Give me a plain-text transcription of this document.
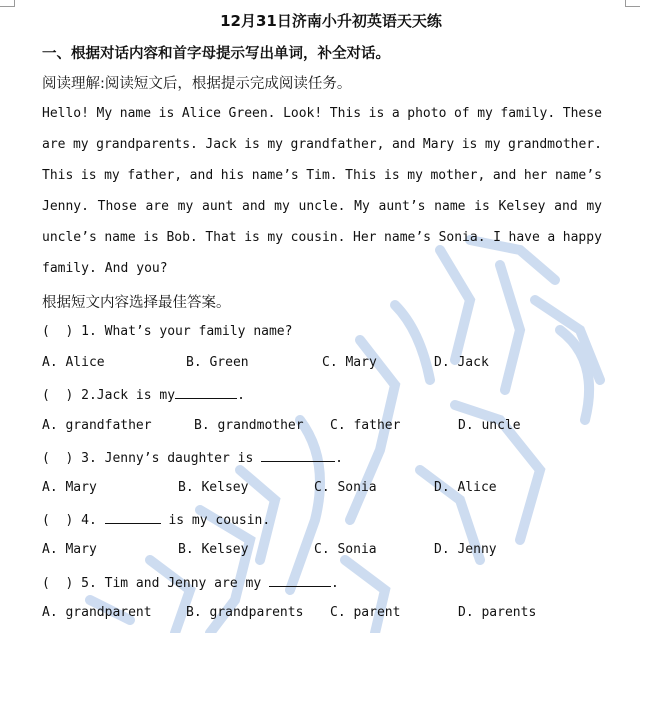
12月31日济南小升初英语天天练
一、根据对话内容和首字母提示写出单词，补全对话。
阅读理解:阅读短文后，根据提示完成阅读任务。
Hello! My name is Alice Green. Look! This is a photo of my family. These
are my grandparents. Jack is my grandfather, and Mary is my grandmother.
This is my father, and his name’s Tim. This is my mother, and her name’s
Jenny. Those are my aunt and my uncle. My aunt’s name is Kelsey and my
uncle’s name is Bob. That is my cousin. Her name’s Sonia. I have a happy
family. And you?
根据短文内容选择最佳答案。
(  ) 1. What’s your family name?

A. Alice

	B. Green

	C. Mary

	D. Jack

(  ) 2.Jack is my	.

A. grandfather

	B. grandmother

C. father

	D. uncle

(  ) 3. Jenny’s daughter is	.

A. Mary

	B. Kelsey

	C. Sonia

	D. Alice

(  ) 4.	is my cousin.

A. Mary

	B. Kelsey

	C. Sonia

	D. Jenny

(  ) 5. Tim and Jenny are my	.

A. grandparent

	B. grandparents

C. parent

	D. parents
